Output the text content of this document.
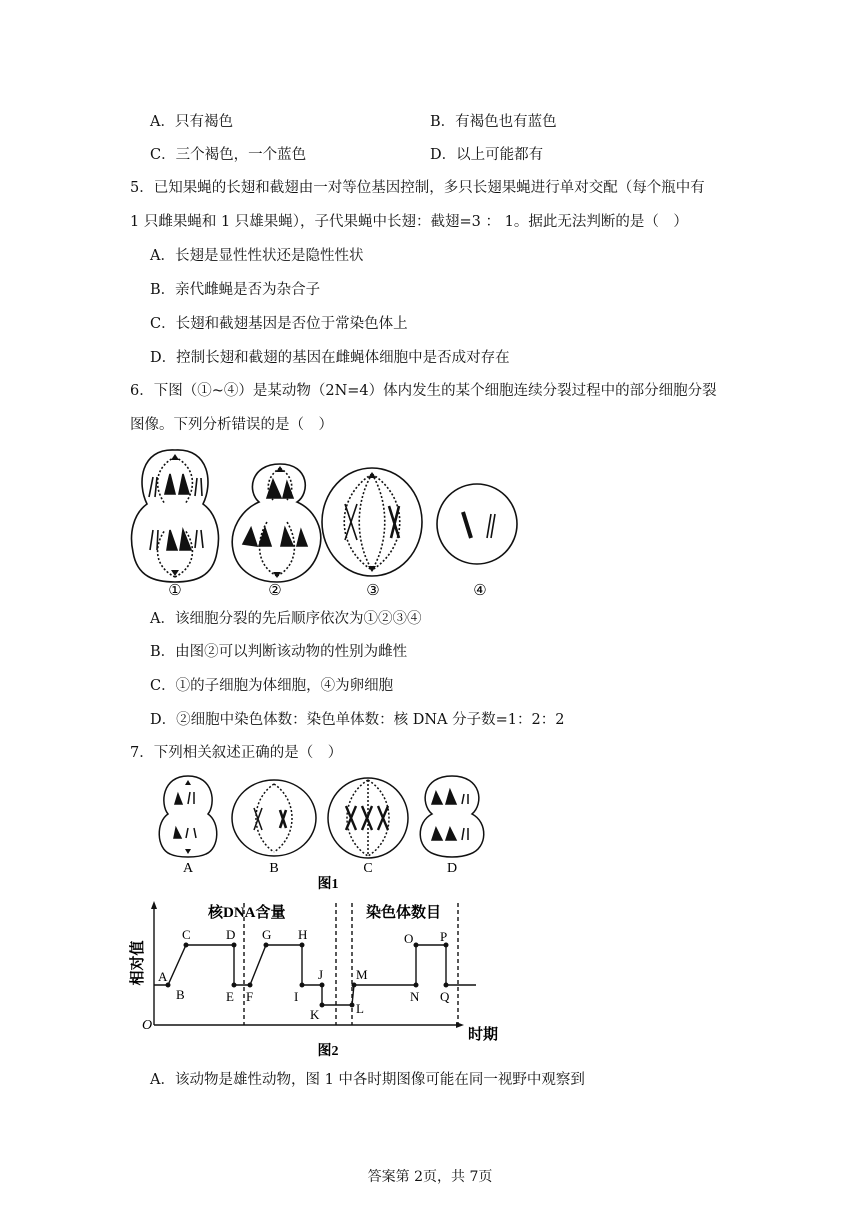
A．只有褐色	B．有褐色也有蓝色
C．三个褐色，一个蓝色	D．以上可能都有
5．已知果蝇的长翅和截翅由一对等位基因控制，多只长翅果蝇进行单对交配（每个瓶中有
1 只雌果蝇和 1 只雄果蝇），子代果蝇中长翅：截翅=3 ： 1。据此无法判断的是（　）
A．长翅是显性性状还是隐性性状
B．亲代雌蝇是否为杂合子
C．长翅和截翅基因是否位于常染色体上
D．控制长翅和截翅的基因在雌蝇体细胞中是否成对存在
6．下图（①~④）是某动物（2N=4）体内发生的某个细胞连续分裂过程中的部分细胞分裂
图像。下列分析错误的是（　）
①	②	③	④
A．该细胞分裂的先后顺序依次为①②③④
B．由图②可以判断该动物的性别为雌性
C．①的子细胞为体细胞，④为卵细胞
D．②细胞中染色体数：染色单体数：核 DNA 分子数=1：2：2
7．下列相关叙述正确的是（　）
A	B	C	D
图1
相对值
O
时期
核DNA含量	染色体数目
A
B
C	D
E F
G H
I
J
K	L
M
N
O P
Q
图2
A．该动物是雄性动物，图 1 中各时期图像可能在同一视野中观察到
答案第 2页，共 7页
